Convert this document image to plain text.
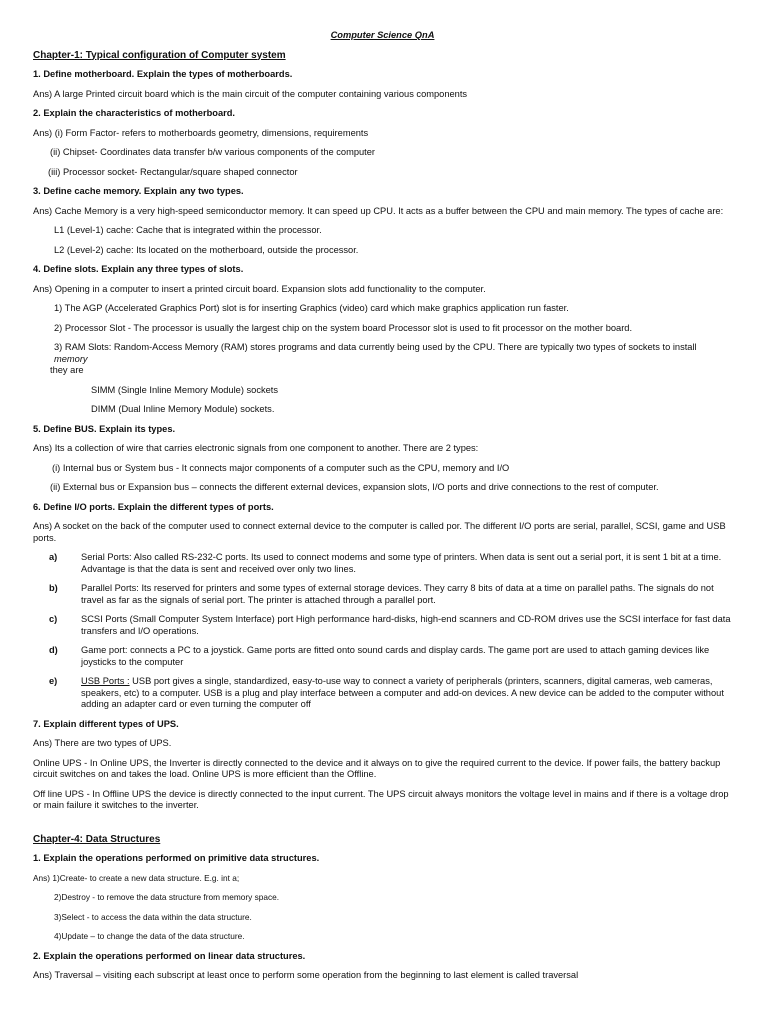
Computer Science QnA
Chapter-1: Typical configuration of Computer system
1. Define motherboard. Explain the types of motherboards.
Ans) A large Printed circuit board which is the main circuit of the computer containing various components
2. Explain the characteristics of motherboard.
Ans) (i) Form Factor- refers to motherboards geometry, dimensions, requirements
(ii) Chipset- Coordinates data transfer b/w various components of the computer
(iii) Processor socket- Rectangular/square shaped connector
3. Define cache memory. Explain any two types.
Ans) Cache Memory is a very high-speed semiconductor memory. It can speed up CPU. It acts as a buffer between the CPU and main memory. The types of cache are:
L1 (Level-1) cache: Cache that is integrated within the processor.
L2 (Level-2) cache: Its located on the motherboard, outside the processor.
4. Define slots. Explain any three types of slots.
Ans) Opening in a computer to insert a printed circuit board. Expansion slots add functionality to the computer.
1) The AGP (Accelerated Graphics Port) slot is for inserting Graphics (video) card which make graphics application run faster.
2) Processor Slot - The processor is usually the largest chip on the system board Processor slot is used to fit processor on the mother board.
3) RAM Slots: Random-Access Memory (RAM) stores programs and data currently being used by the CPU. There are typically two types of sockets to install memory
they are
SIMM (Single Inline Memory Module) sockets
DIMM (Dual Inline Memory Module) sockets.
5. Define BUS. Explain its types.
Ans) Its a collection of wire that carries electronic signals from one component to another. There are 2 types:
(i) Internal bus or System bus - It connects major components of a computer such as the CPU, memory and I/O
(ii) External bus or Expansion bus – connects the different external devices, expansion slots, I/O ports and drive connections to the rest of computer.
6. Define I/O ports. Explain the different types of ports.
Ans) A socket on the back of the computer used to connect external device to the computer is called por. The different I/O ports are serial, parallel, SCSI, game and USB ports.
a)	Serial Ports: Also called RS-232-C ports. Its used to connect modems and some type of printers. When data is sent out a serial port, it is sent 1 bit at a time. Advantage is that the data is sent and received over only two lines.
b) Parallel Ports: Its reserved for printers and some types of external storage devices. They carry 8 bits of data at a time on parallel paths. The signals do not travel as far as the signals of serial port. The printer is attached through a parallel port.
c)	SCSI Ports (Small Computer System Interface) port High performance hard-disks, high-end scanners and CD-ROM drives use the SCSI interface for fast data transfers and I/O operations.
d) Game port: connects a PC to a joystick. Game ports are fitted onto sound cards and display cards. The game port are used to attach gaming devices like joysticks to the computer
e)	USB Ports : USB port gives a single, standardized, easy-to-use way to connect a variety of peripherals (printers, scanners, digital cameras, web cameras, speakers, etc) to a computer. USB is a plug and play interface between a computer and add-on devices. A new device can be added to the computer without adding an adapter card or even turning the computer off
7. Explain different types of UPS.
Ans) There are two types of UPS.
Online UPS - In Online UPS, the Inverter is directly connected to the device and it always on to give the required current to the device. If power fails, the battery backup circuit switches on and takes the load. Online UPS is more efficient than the Offline.
Off line UPS - In Offline UPS the device is directly connected to the input current. The UPS circuit always monitors the voltage level in mains and if there is a voltage drop or main failure it switches to the inverter.
Chapter-4: Data Structures
1. Explain the operations performed on primitive data structures.
Ans) 1)Create- to create a new data structure. E.g. int a;
2)Destroy - to remove the data structure from memory space.
3)Select - to access the data within the data structure.
4)Update – to change the data of the data structure.
2. Explain the operations performed on linear data structures.
Ans) Traversal – visiting each subscript at least once to perform some operation from the beginning to last element is called traversal
